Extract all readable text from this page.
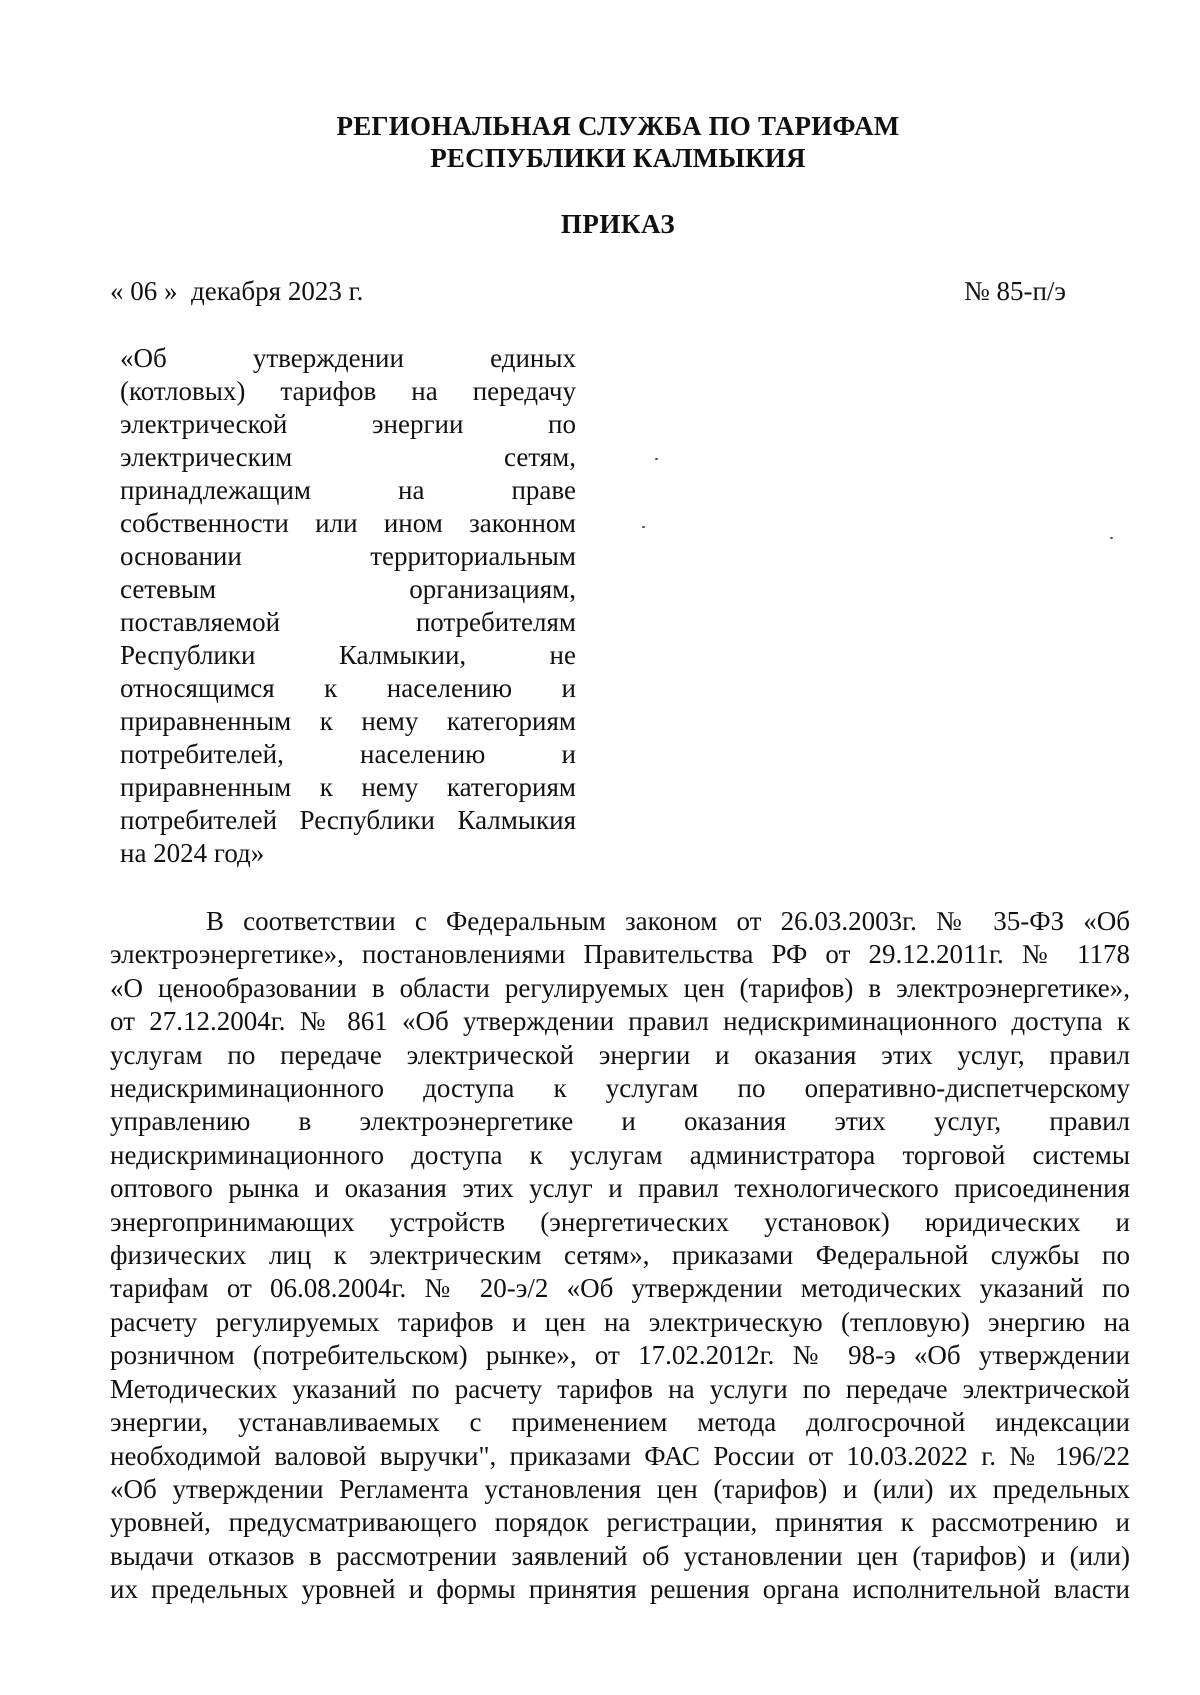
РЕГИОНАЛЬНАЯ СЛУЖБА ПО ТАРИФАМ
РЕСПУБЛИКИ КАЛМЫКИЯ
ПРИКАЗ
« 06 »  декабря 2023 г.	№ 85-п/э
«Об утверждении единых
(котловых) тарифов на передачу
электрической энергии по
электрическим сетям,
принадлежащим на праве
собственности или ином законном
основании территориальным
сетевым организациям,
поставляемой потребителям
Республики Калмыкии, не
относящимся к населению и
приравненным к нему категориям
потребителей, населению и
приравненным к нему категориям
потребителей Республики Калмыкия
на 2024 год»
В соответствии с Федеральным законом от 26.03.2003г. № 35-ФЗ «Об
электроэнергетике», постановлениями Правительства РФ от 29.12.2011г. № 1178
«О ценообразовании в области регулируемых цен (тарифов) в электроэнергетике»,
от 27.12.2004г. № 861 «Об утверждении правил недискриминационного доступа к
услугам по передаче электрической энергии и оказания этих услуг, правил
недискриминационного доступа к услугам по оперативно-диспетчерскому
управлению в электроэнергетике и оказания этих услуг, правил
недискриминационного доступа к услугам администратора торговой системы
оптового рынка и оказания этих услуг и правил технологического присоединения
энергопринимающих устройств (энергетических установок) юридических и
физических лиц к электрическим сетям», приказами Федеральной службы по
тарифам от 06.08.2004г. № 20-э/2 «Об утверждении методических указаний по
расчету регулируемых тарифов и цен на электрическую (тепловую) энергию на
розничном (потребительском) рынке», от 17.02.2012г. № 98-э «Об утверждении
Методических указаний по расчету тарифов на услуги по передаче электрической
энергии, устанавливаемых с применением метода долгосрочной индексации
необходимой валовой выручки", приказами ФАС России от 10.03.2022 г. № 196/22
«Об утверждении Регламента установления цен (тарифов) и (или) их предельных
уровней, предусматривающего порядок регистрации, принятия к рассмотрению и
выдачи отказов в рассмотрении заявлений об установлении цен (тарифов) и (или)
их предельных уровней и формы принятия решения органа исполнительной власти
